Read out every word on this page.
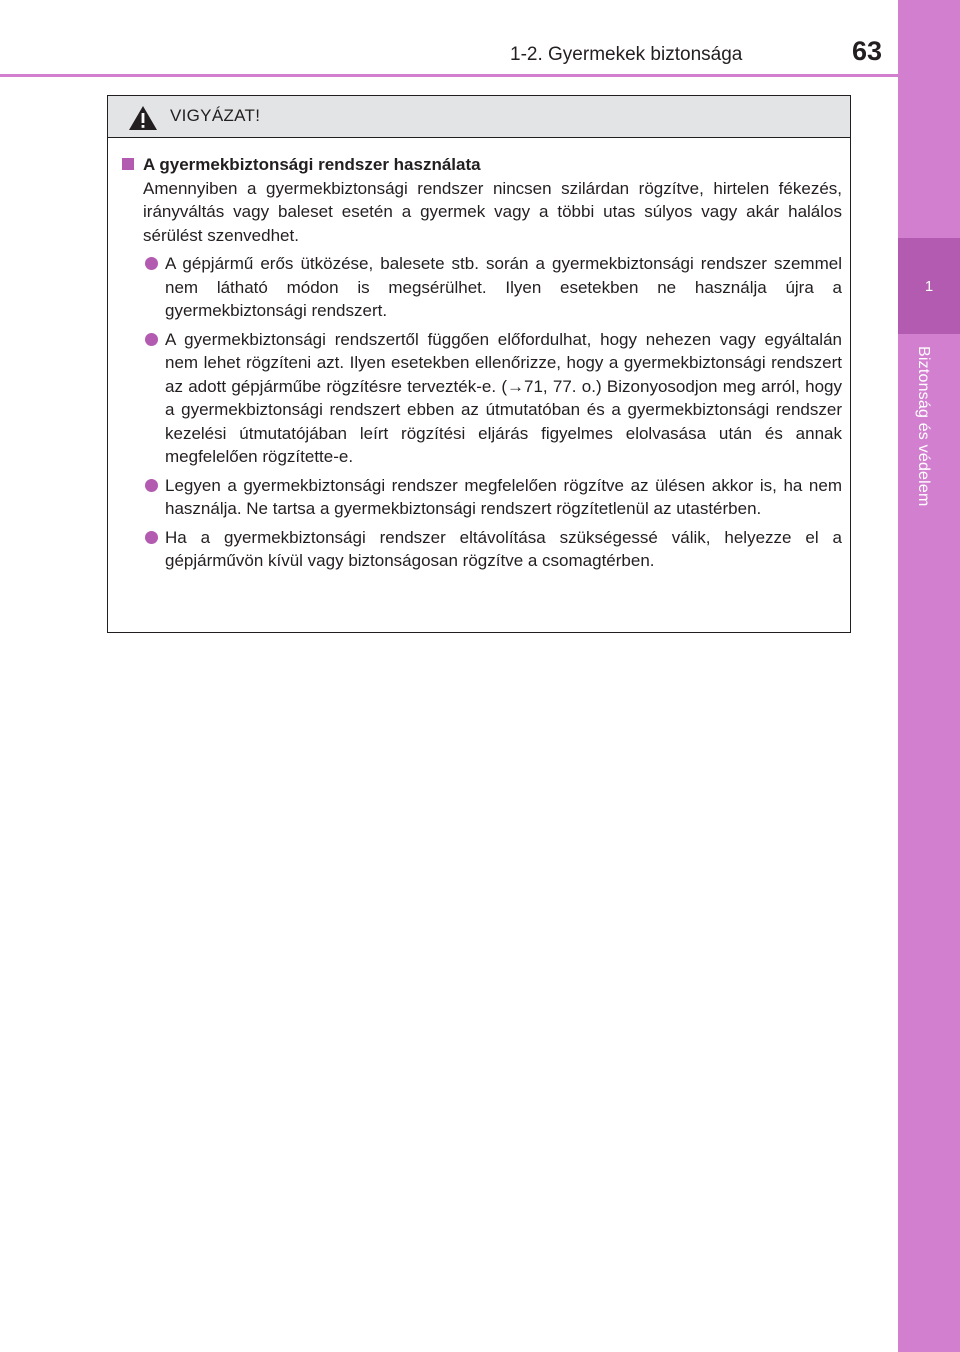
1-2. Gyermekek biztonsága	63
1
Biztonság és védelem
VIGYÁZAT!
A gyermekbiztonsági rendszer használata
Amennyiben a gyermekbiztonsági rendszer nincsen szilárdan rögzítve, hirtelen fékezés, irányváltás vagy baleset esetén a gyermek vagy a többi utas súlyos vagy akár halálos sérülést szenvedhet.
A gépjármű erős ütközése, balesete stb. során a gyermekbiztonsági rendszer szemmel nem látható módon is megsérülhet. Ilyen esetekben ne használja újra a gyermekbiztonsági rendszert.
A gyermekbiztonsági rendszertől függően előfordulhat, hogy nehezen vagy egyáltalán nem lehet rögzíteni azt. Ilyen esetekben ellenőrizze, hogy a gyermekbiztonsági rendszert az adott gépjárműbe rögzítésre tervezték-e. (→71, 77. o.) Bizonyosodjon meg arról, hogy a gyermekbiztonsági rendszert ebben az útmutatóban és a gyermekbiztonsági rendszer kezelési útmutatójában leírt rögzítési eljárás figyelmes elolvasása után és annak megfelelően rögzítette-e.
Legyen a gyermekbiztonsági rendszer megfelelően rögzítve az ülésen akkor is, ha nem használja. Ne tartsa a gyermekbiztonsági rendszert rögzítetlenül az utastérben.
Ha a gyermekbiztonsági rendszer eltávolítása szükségessé válik, helyezze el a gépjárművön kívül vagy biztonságosan rögzítve a csomagtérben.
